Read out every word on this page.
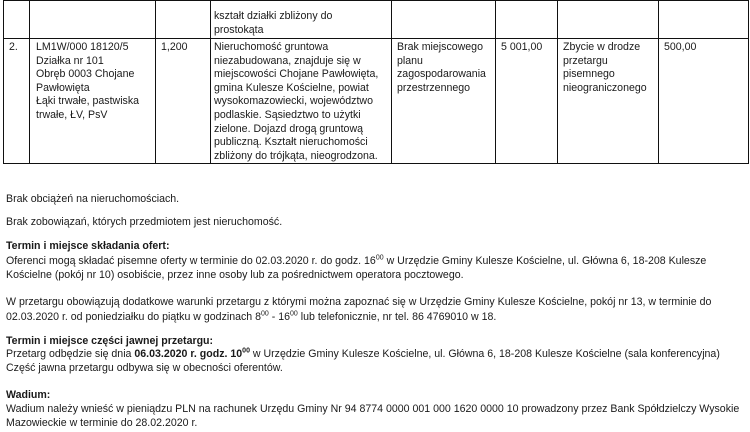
kształt działki zbliżony do
prostokąta
2. LM1W/000 18120/5
Działka nr 101
Obręb 0003 Chojane
Pawłowięta
Łąki trwałe, pastwiska
trwałe, ŁV, PsV
1,200 Nieruchomość gruntowa
niezabudowana, znajduje się w
miejscowości Chojane Pawłowięta,
gmina Kulesze Kościelne, powiat
wysokomazowiecki, województwo
podlaskie. Sąsiedztwo to użytki
zielone. Dojazd drogą gruntową
publiczną. Kształt nieruchomości
zbliżony do trójkąta, nieogrodzona.
Brak miejscowego
planu
zagospodarowania
przestrzennego
5 001,00 Zbycie w drodze
przetargu
pisemnego
nieograniczonego
500,00

Brak obciążeń na nieruchomościach.

Brak zobowiązań, których przedmiotem jest nieruchomość.

Termin i miejsce składania ofert:

Oferenci mogą składać pisemne oferty w terminie do 02.03.2020 r. do godz. $16^{00}$ w Urzędzie Gminy Kulesze Kościelne, ul. Główna 6, 18-208 Kulesze

Kościelne (pokój nr 10) osobiście, przez inne osoby lub za pośrednictwem operatora pocztowego.

W przetargu obowiązują dodatkowe warunki przetargu z którymi można zapoznać się w Urzędzie Gminy Kulesze Kościelne, pokój nr 13, w terminie do

02.03.2020 r. od poniedziałku do piątku w godzinach $8^{00} - 16^{00}$ lub telefonicznie, nr tel. 86 4769010 w 18.

Termin i miejsce części jawnej przetargu:

Przetarg odbędzie się dnia 06.03.2020 r. godz. $10^{00}$ w Urzędzie Gminy Kulesze Kościelne, ul. Główna 6, 18-208 Kulesze Kościelne (sala konferencyjna)

Część jawna przetargu odbywa się w obecności oferentów.

Wadium:

Wadium należy wnieść w pieniądzu PLN na rachunek Urzędu Gminy Nr 94 8774 0000 001 000 1620 0000 10 prowadzony przez Bank Spółdzielczy Wysokie

Mazowieckie w terminie do 28.02.2020 r.
